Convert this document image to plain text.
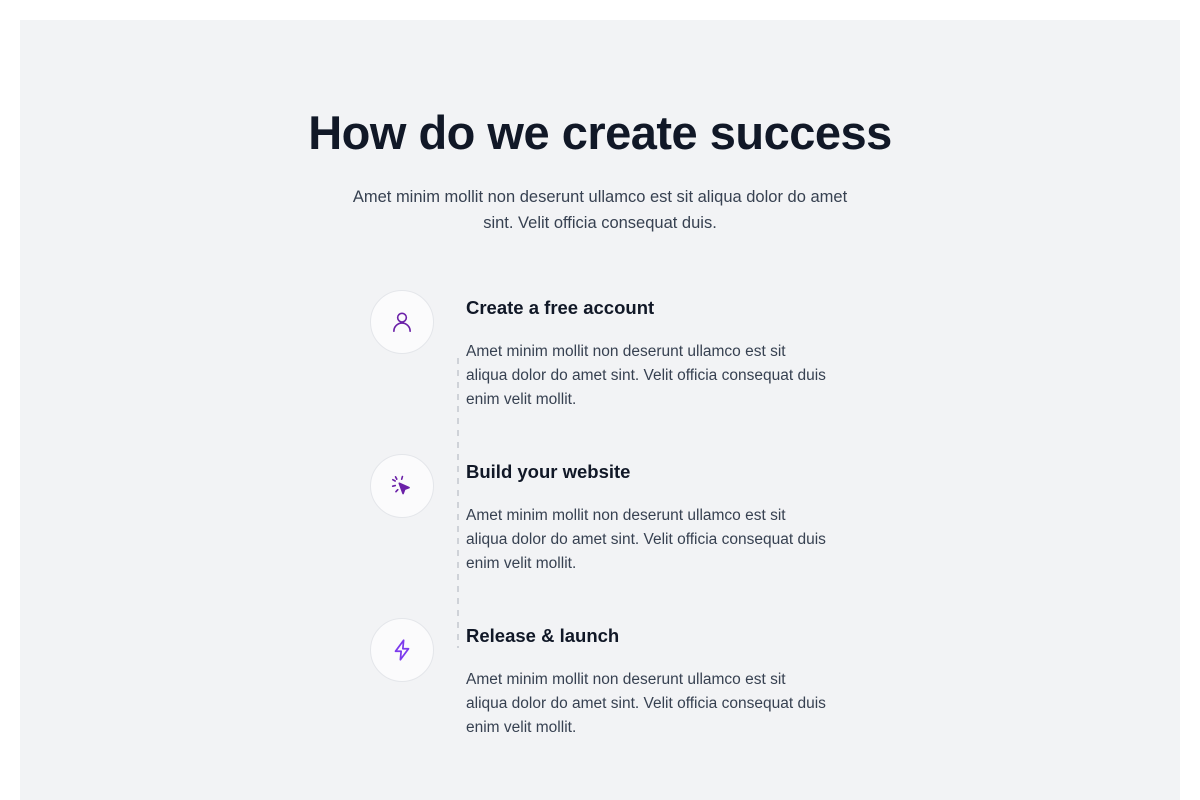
How do we create success

Amet minim mollit non deserunt ullamco est sit aliqua dolor do amet sint. Velit officia consequat duis.

Create a free account

Amet minim mollit non deserunt ullamco est sit aliqua dolor do amet sint. Velit officia consequat duis enim velit mollit.

Build your website

Amet minim mollit non deserunt ullamco est sit aliqua dolor do amet sint. Velit officia consequat duis enim velit mollit.

Release & launch

Amet minim mollit non deserunt ullamco est sit aliqua dolor do amet sint. Velit officia consequat duis enim velit mollit.
